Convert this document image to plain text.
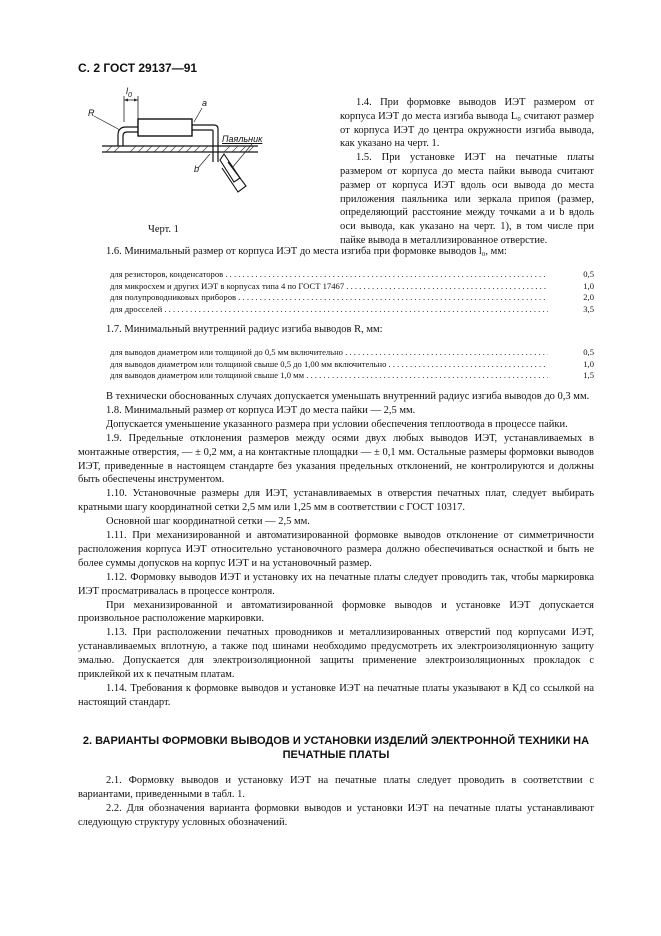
С. 2 ГОСТ 29137—91
$l_0$
a
R
b
Паяльник
Черт. 1

1.4. При формовке выводов ИЭТ размером от корпуса ИЭТ до места изгиба вывода L₀ считают размер от корпуса ИЭТ до центра окружности изгиба вывода, как указано на черт. 1.

1.5. При установке ИЭТ на печатные платы размером от корпуса до места пайки вывода считают размер от корпуса ИЭТ вдоль оси вывода до места приложения паяльника или зеркала припоя (размер, определяющий расстояние между точками a и b вдоль оси вывода, как указано на черт. 1), в том числе при пайке вывода в металлизированное отверстие.

1.6. Минимальный размер от корпуса ИЭТ до места изгиба при формовке выводов l₀, мм:

для резисторов, конденсаторов . . .	0,5
для микросхем и других ИЭТ в корпусах типа 4 по ГОСТ 17467 . . .	1,0
для полупроводниковых приборов . . .	2,0
для дросселей . . .	3,5

1.7. Минимальный внутренний радиус изгиба выводов R, мм:

для выводов диаметром или толщиной до 0,5 мм включительно . . .	0,5
для выводов диаметром или толщиной свыше 0,5 до 1,00 мм включительно . . .	1,0
для выводов диаметром или толщиной свыше 1,0 мм . . .	1,5

В технически обоснованных случаях допускается уменьшать внутренний радиус изгиба выводов до 0,3 мм.

1.8. Минимальный размер от корпуса ИЭТ до места пайки — 2,5 мм.

Допускается уменьшение указанного размера при условии обеспечения теплоотвода в процессе пайки.

1.9. Предельные отклонения размеров между осями двух любых выводов ИЭТ, устанавливаемых в монтажные отверстия, — ± 0,2 мм, а на контактные площадки — ± 0,1 мм. Остальные размеры формовки выводов ИЭТ, приведенные в настоящем стандарте без указания предельных отклонений, не контролируются и должны быть обеспечены инструментом.

1.10. Установочные размеры для ИЭТ, устанавливаемых в отверстия печатных плат, следует выбирать кратными шагу координатной сетки 2,5 мм или 1,25 мм в соответствии с ГОСТ 10317.

Основной шаг координатной сетки — 2,5 мм.

1.11. При механизированной и автоматизированной формовке выводов отклонение от симметричности расположения корпуса ИЭТ относительно установочного размера должно обеспечиваться оснасткой и быть не более суммы допусков на корпус ИЭТ и на установочный размер.

1.12. Формовку выводов ИЭТ и установку их на печатные платы следует проводить так, чтобы маркировка ИЭТ просматривалась в процессе контроля.

При механизированной и автоматизированной формовке выводов и установке ИЭТ допускается произвольное расположение маркировки.

1.13. При расположении печатных проводников и металлизированных отверстий под корпусами ИЭТ, устанавливаемых вплотную, а также под шинами необходимо предусмотреть их электроизоляционную защиту эмалью. Допускается для электроизоляционной защиты применение электроизоляционных прокладок с приклейкой их к печатным платам.

1.14. Требования к формовке выводов и установке ИЭТ на печатные платы указывают в КД со ссылкой на настоящий стандарт.

2. ВАРИАНТЫ ФОРМОВКИ ВЫВОДОВ И УСТАНОВКИ ИЗДЕЛИЙ ЭЛЕКТРОННОЙ ТЕХНИКИ НА ПЕЧАТНЫЕ ПЛАТЫ

2.1. Формовку выводов и установку ИЭТ на печатные платы следует проводить в соответствии с вариантами, приведенными в табл. 1.

2.2. Для обозначения варианта формовки выводов и установки ИЭТ на печатные платы устанавливают следующую структуру условных обозначений.
